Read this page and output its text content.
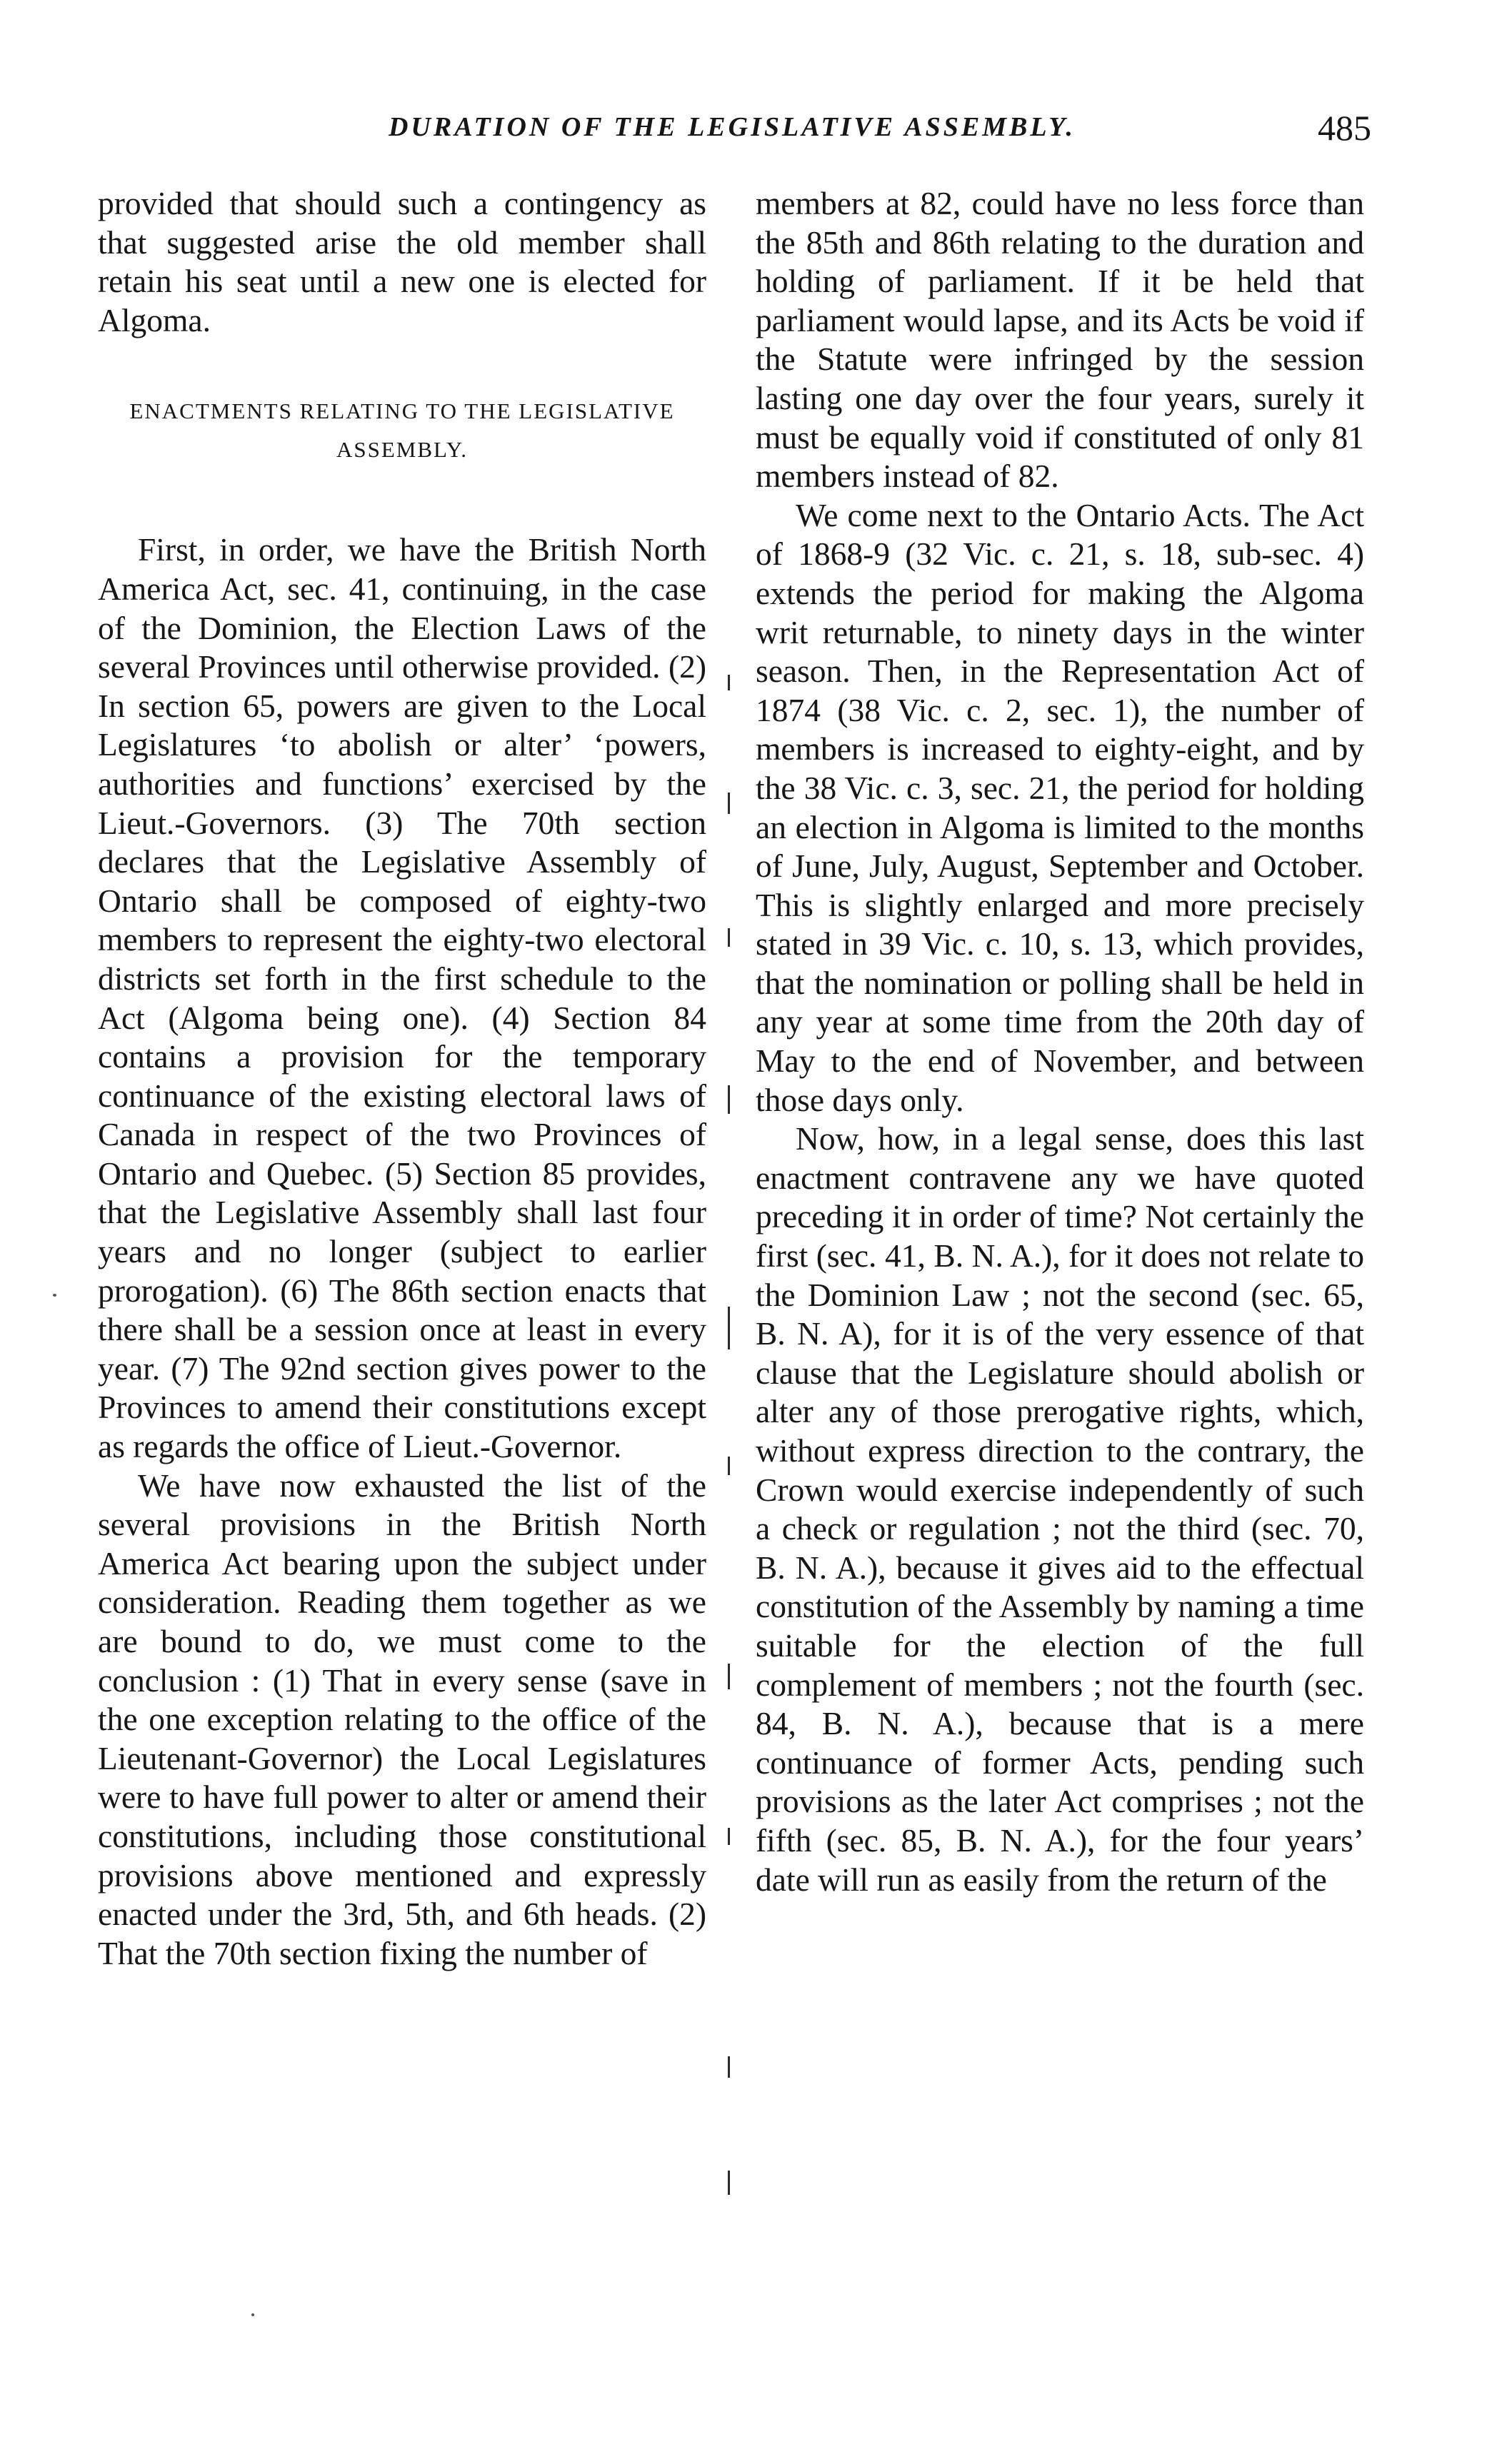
DURATION OF THE LEGISLATIVE ASSEMBLY.	485

provided that should such a contingency as that suggested arise the old member shall retain his seat until a new one is elected for Algoma.

ENACTMENTS RELATING TO THE LEGISLATIVE ASSEMBLY.

First, in order, we have the British North America Act, sec. 41, continuing, in the case of the Dominion, the Election Laws of the several Provinces until otherwise provided. (2) In section 65, powers are given to the Local Legislatures ‘to abolish or alter’ ‘powers, authorities and functions’ exercised by the Lieut.-Governors. (3) The 70th section declares that the Legislative Assembly of Ontario shall be composed of eighty-two members to represent the eighty-two electoral districts set forth in the first schedule to the Act (Algoma being one). (4) Section 84 contains a provision for the temporary continuance of the existing electoral laws of Canada in respect of the two Provinces of Ontario and Quebec. (5) Section 85 provides, that the Legislative Assembly shall last four years and no longer (subject to earlier prorogation). (6) The 86th section enacts that there shall be a session once at least in every year. (7) The 92nd section gives power to the Provinces to amend their constitutions except as regards the office of Lieut.-Governor.

We have now exhausted the list of the several provisions in the British North America Act bearing upon the subject under consideration. Reading them together as we are bound to do, we must come to the conclusion : (1) That in every sense (save in the one exception relating to the office of the Lieutenant-Governor) the Local Legislatures were to have full power to alter or amend their constitutions, including those constitutional provisions above mentioned and expressly enacted under the 3rd, 5th, and 6th heads. (2) That the 70th section fixing the number of

members at 82, could have no less force than the 85th and 86th relating to the duration and holding of parliament. If it be held that parliament would lapse, and its Acts be void if the Statute were infringed by the session lasting one day over the four years, surely it must be equally void if constituted of only 81 members instead of 82.

We come next to the Ontario Acts. The Act of 1868-9 (32 Vic. c. 21, s. 18, sub-sec. 4) extends the period for making the Algoma writ returnable, to ninety days in the winter season. Then, in the Representation Act of 1874 (38 Vic. c. 2, sec. 1), the number of members is increased to eighty-eight, and by the 38 Vic. c. 3, sec. 21, the period for holding an election in Algoma is limited to the months of June, July, August, September and October. This is slightly enlarged and more precisely stated in 39 Vic. c. 10, s. 13, which provides, that the nomination or polling shall be held in any year at some time from the 20th day of May to the end of November, and between those days only.

Now, how, in a legal sense, does this last enactment contravene any we have quoted preceding it in order of time? Not certainly the first (sec. 41, B. N. A.), for it does not relate to the Dominion Law ; not the second (sec. 65, B. N. A), for it is of the very essence of that clause that the Legislature should abolish or alter any of those prerogative rights, which, without express direction to the contrary, the Crown would exercise independently of such a check or regulation ; not the third (sec. 70, B. N. A.), because it gives aid to the effectual constitution of the Assembly by naming a time suitable for the election of the full complement of members ; not the fourth (sec. 84, B. N. A.), because that is a mere continuance of former Acts, pending such provisions as the later Act comprises ; not the fifth (sec. 85, B. N. A.), for the four years’ date will run as easily from the return of the
